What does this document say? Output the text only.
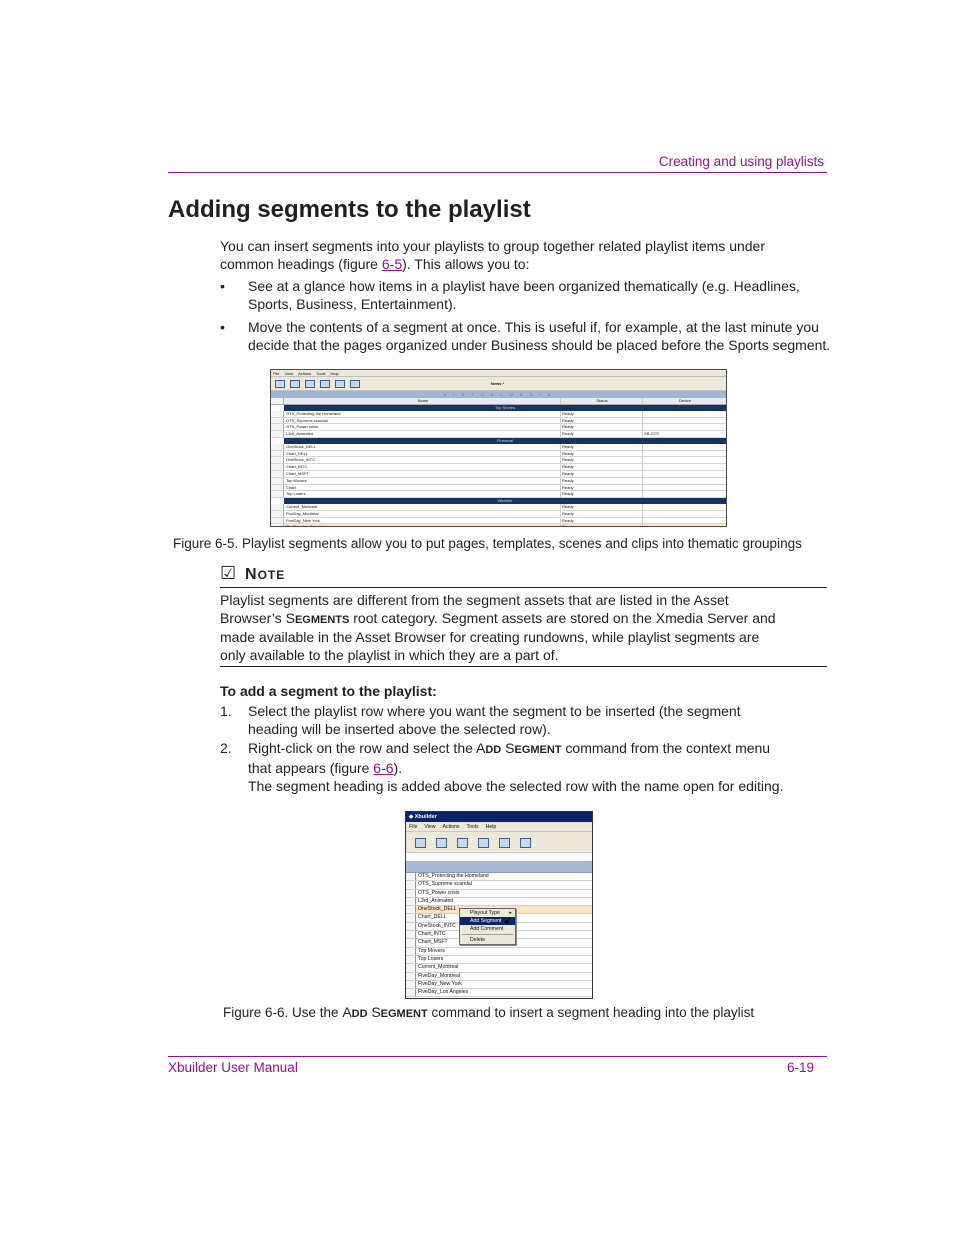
Creating and using playlists
Adding segments to the playlist
You can insert segments into your playlists to group together related playlist items under
common headings (figure 6-5). This allows you to:
• See at a glance how items in a playlist have been organized thematically (e.g. Headlines,
Sports, Business, Entertainment).
• Move the contents of a segment at once. This is useful if, for example, at the last minute you
decide that the pages organized under Business should be placed before the Sports segment.
File View Actions Tools Help
News *
V I R T U A L M E D I A
Name	Status	Device
Top Stories
OTS_Protecting the Homeland	Ready
OTS_Supreme scandal	Ready
OTS_Power crisis	Ready
L3rd_Animated	Ready	XB-OTS
Financial
OneStock_DELL	Ready
Chart_DELL	Ready
OneStock_INTC	Ready
Chart_INTC	Ready
Chart_MSFT	Ready
Top Movers	Ready
Chart	Ready
Top Losers	Ready
Weather
Current_Montreal	Ready
FiveDay_Montreal	Ready
FiveDay_New York	Ready
FiveDay_Los Angeles	Ready
Figure 6-5. Playlist segments allow you to put pages, templates, scenes and clips into thematic groupings
☑ NOTE
Playlist segments are different from the segment assets that are listed in the Asset
Browser’s SEGMENTS root category. Segment assets are stored on the Xmedia Server and
made available in the Asset Browser for creating rundowns, while playlist segments are
only available to the playlist in which they are a part of.
To add a segment to the playlist:
1. Select the playlist row where you want the segment to be inserted (the segment
heading will be inserted above the selected row).
2. Right-click on the row and select the ADD SEGMENT command from the context menu
that appears (figure 6-6).
The segment heading is added above the selected row with the name open for editing.
◆ Xbuilder
File View Actions Tools Help
OTS_Protecting the Homeland
OTS_Supreme scandal
OTS_Power crisis
L3rd_Animated
OneStock_DELL
Chart_DELL
OneStock_INTC
Chart_INTC
Chart_MSFT
Top Movers
Top Losers
Current_Montreal
FiveDay_Montreal
FiveDay_New York
FiveDay_Los Angeles
Playout Type ▸
Add Segment
Add Comment
Delete
Figure 6-6. Use the ADD SEGMENT command to insert a segment heading into the playlist
Xbuilder User Manual	6-19
